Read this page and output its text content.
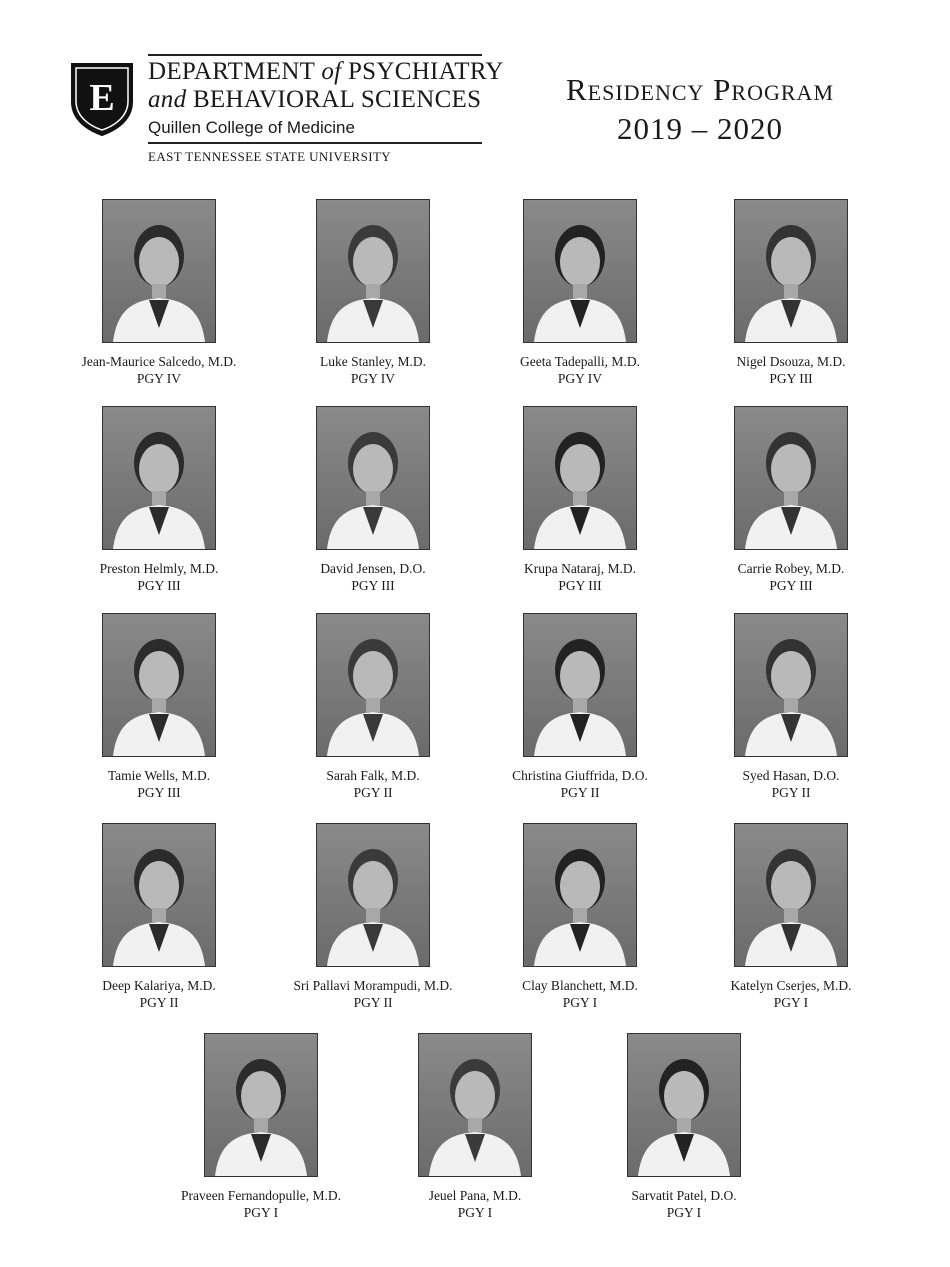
E
DEPARTMENT of PSYCHIATRY
and BEHAVIORAL SCIENCES
Quillen College of Medicine
EAST TENNESSEE STATE UNIVERSITY
Residency Program
2019 – 2020
Jean-Maurice Salcedo, M.D.
PGY IV
Luke Stanley, M.D.
PGY IV
Geeta Tadepalli, M.D.
PGY IV
Nigel Dsouza, M.D.
PGY III
Preston Helmly, M.D.
PGY III
David Jensen, D.O.
PGY III
Krupa Nataraj, M.D.
PGY III
Carrie Robey, M.D.
PGY III
Tamie Wells, M.D.
PGY III
Sarah Falk, M.D.
PGY II
Christina Giuffrida, D.O.
PGY II
Syed Hasan, D.O.
PGY II
Deep Kalariya, M.D.
PGY II
Sri Pallavi Morampudi, M.D.
PGY II
Clay Blanchett, M.D.
PGY I
Katelyn Cserjes, M.D.
PGY I
Praveen Fernandopulle, M.D.
PGY I
Jeuel Pana, M.D.
PGY I
Sarvatit Patel, D.O.
PGY I
